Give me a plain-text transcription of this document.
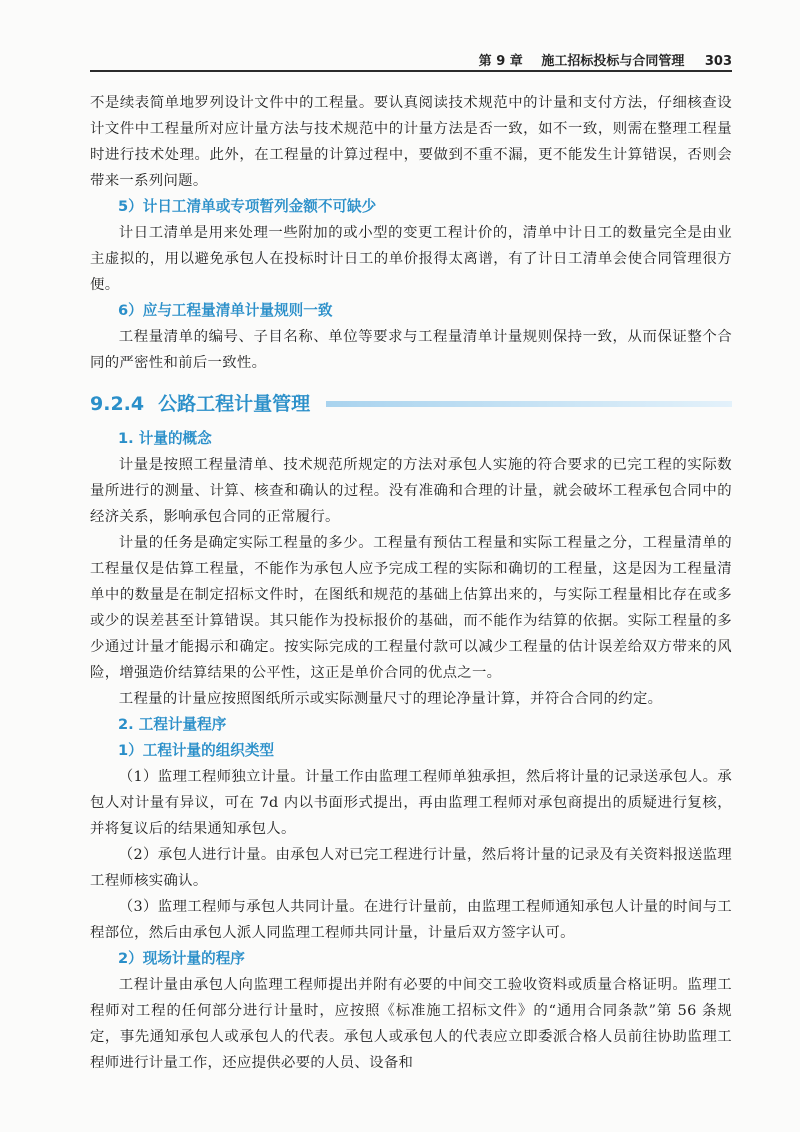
第 9 章 施工招标投标与合同管理 303

不是续表简单地罗列设计文件中的工程量。要认真阅读技术规范中的计量和支付方法，仔细核查设计文件中工程量所对应计量方法与技术规范中的计量方法是否一致，如不一致，则需在整理工程量时进行技术处理。此外，在工程量的计算过程中，要做到不重不漏，更不能发生计算错误，否则会带来一系列问题。

5）计日工清单或专项暂列金额不可缺少

计日工清单是用来处理一些附加的或小型的变更工程计价的，清单中计日工的数量完全是由业主虚拟的，用以避免承包人在投标时计日工的单价报得太离谱，有了计日工清单会使合同管理很方便。

6）应与工程量清单计量规则一致

工程量清单的编号、子目名称、单位等要求与工程量清单计量规则保持一致，从而保证整个合同的严密性和前后一致性。

9.2.4 公路工程计量管理
1. 计量的概念

计量是按照工程量清单、技术规范所规定的方法对承包人实施的符合要求的已完工程的实际数量所进行的测量、计算、核查和确认的过程。没有准确和合理的计量，就会破坏工程承包合同中的经济关系，影响承包合同的正常履行。

计量的任务是确定实际工程量的多少。工程量有预估工程量和实际工程量之分，工程量清单的工程量仅是估算工程量，不能作为承包人应予完成工程的实际和确切的工程量，这是因为工程量清单中的数量是在制定招标文件时，在图纸和规范的基础上估算出来的，与实际工程量相比存在或多或少的误差甚至计算错误。其只能作为投标报价的基础，而不能作为结算的依据。实际工程量的多少通过计量才能揭示和确定。按实际完成的工程量付款可以减少工程量的估计误差给双方带来的风险，增强造价结算结果的公平性，这正是单价合同的优点之一。

工程量的计量应按照图纸所示或实际测量尺寸的理论净量计算，并符合合同的约定。

2. 工程计量程序
1）工程计量的组织类型

（1）监理工程师独立计量。计量工作由监理工程师单独承担，然后将计量的记录送承包人。承包人对计量有异议，可在 7d 内以书面形式提出，再由监理工程师对承包商提出的质疑进行复核，并将复议后的结果通知承包人。

（2）承包人进行计量。由承包人对已完工程进行计量，然后将计量的记录及有关资料报送监理工程师核实确认。

（3）监理工程师与承包人共同计量。在进行计量前，由监理工程师通知承包人计量的时间与工程部位，然后由承包人派人同监理工程师共同计量，计量后双方签字认可。

2）现场计量的程序

工程计量由承包人向监理工程师提出并附有必要的中间交工验收资料或质量合格证明。监理工程师对工程的任何部分进行计量时，应按照《标准施工招标文件》的“通用合同条款”第 56 条规定，事先通知承包人或承包人的代表。承包人或承包人的代表应立即委派合格人员前往协助监理工程师进行计量工作，还应提供必要的人员、设备和
